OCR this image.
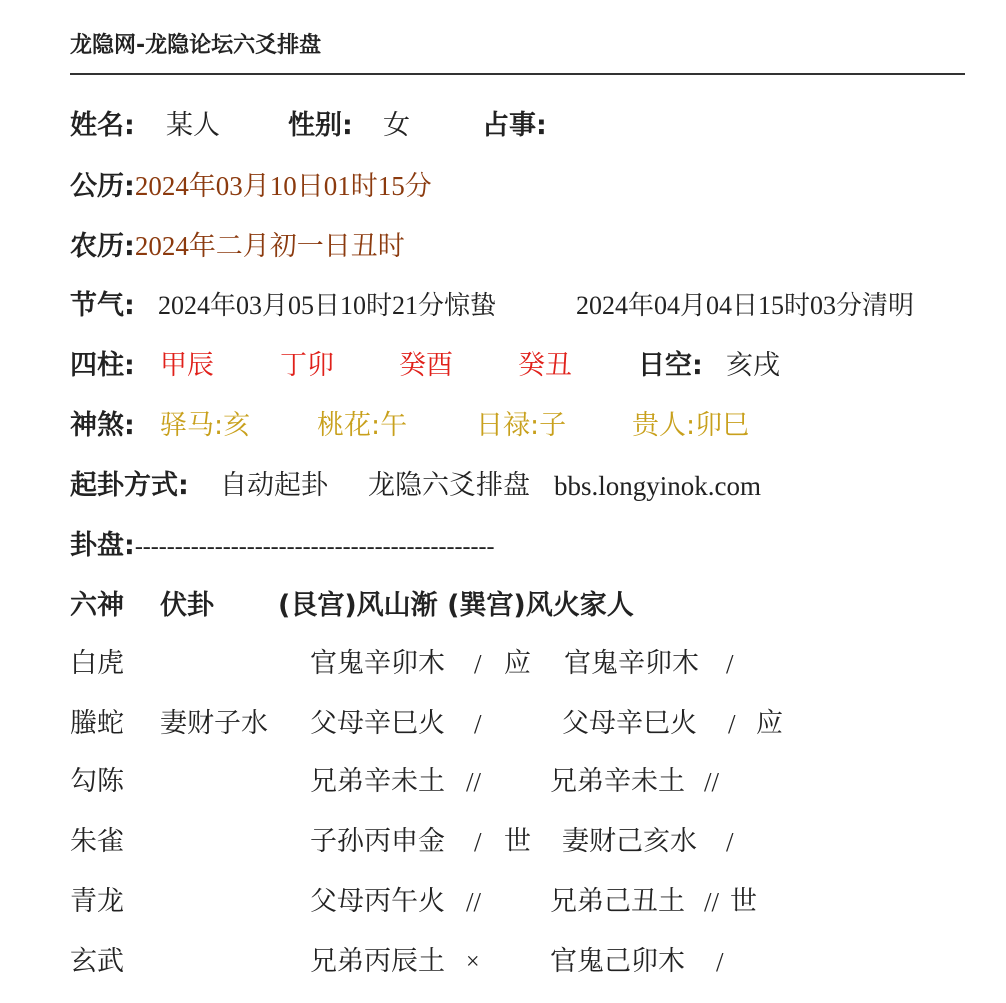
龙隐网-龙隐论坛六爻排盘
姓名: 某人	性别: 女	占事:
公历:2024年03月10日01时15分
农历:2024年二月初一日丑时
节气: 2024年03月05日10时21分惊蛰	2024年04月04日15时03分清明
四柱: 甲辰 丁卯 癸酉 癸丑 日空: 亥戌
神煞: 驿马:亥 桃花:午	日禄:子 贵人:卯巳
起卦方式: 自动起卦 龙隐六爻排盘 bbs.longyinok.com
卦盘:---------------------------------------------
六神 伏卦 (艮宫)风山渐 (巽宫)风火家人
白虎	官鬼辛卯木 / 应 官鬼辛卯木 /
螣蛇 妻财子水 父母辛巳火 /	父母辛巳火 / 应
勾陈	兄弟辛未土 //	兄弟辛未土 //
朱雀	子孙丙申金 / 世 妻财己亥水 /
青龙	父母丙午火 //	兄弟己丑土 // 世
玄武	兄弟丙辰土 ×	官鬼己卯木 /
